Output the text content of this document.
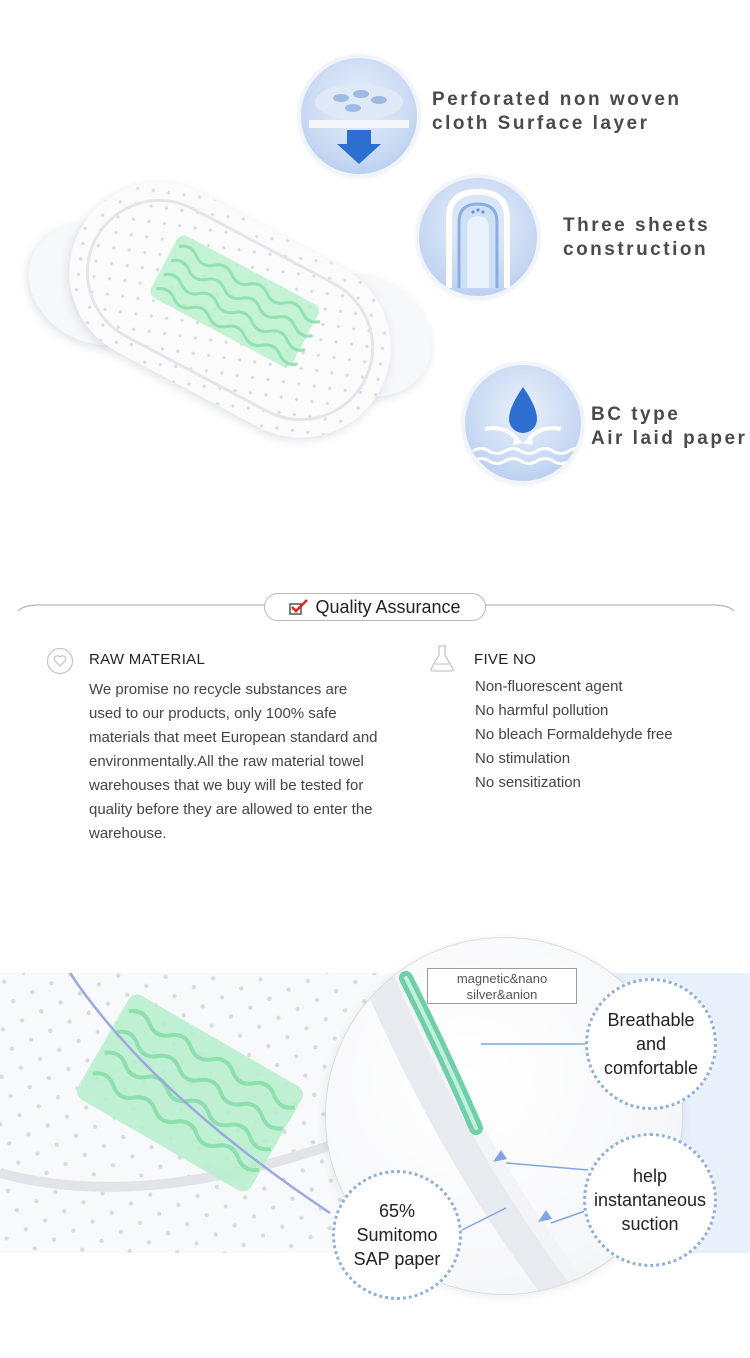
Perforated non woven
cloth Surface layer
Three sheets
construction
BC type
Air laid paper
Quality Assurance
RAW MATERIAL
We promise no recycle substances are used to our products, only 100% safe materials that meet European standard and environmentally.All the raw material towel warehouses that we buy will be tested for quality before they are allowed to enter the warehouse.
FIVE NO
Non-fluorescent agent
No harmful pollution
No bleach Formaldehyde free
No stimulation
No sensitization
magnetic&nano
silver&anion
Breathable
and
comfortable
help
instantaneous
suction
65%
Sumitomo
SAP paper
